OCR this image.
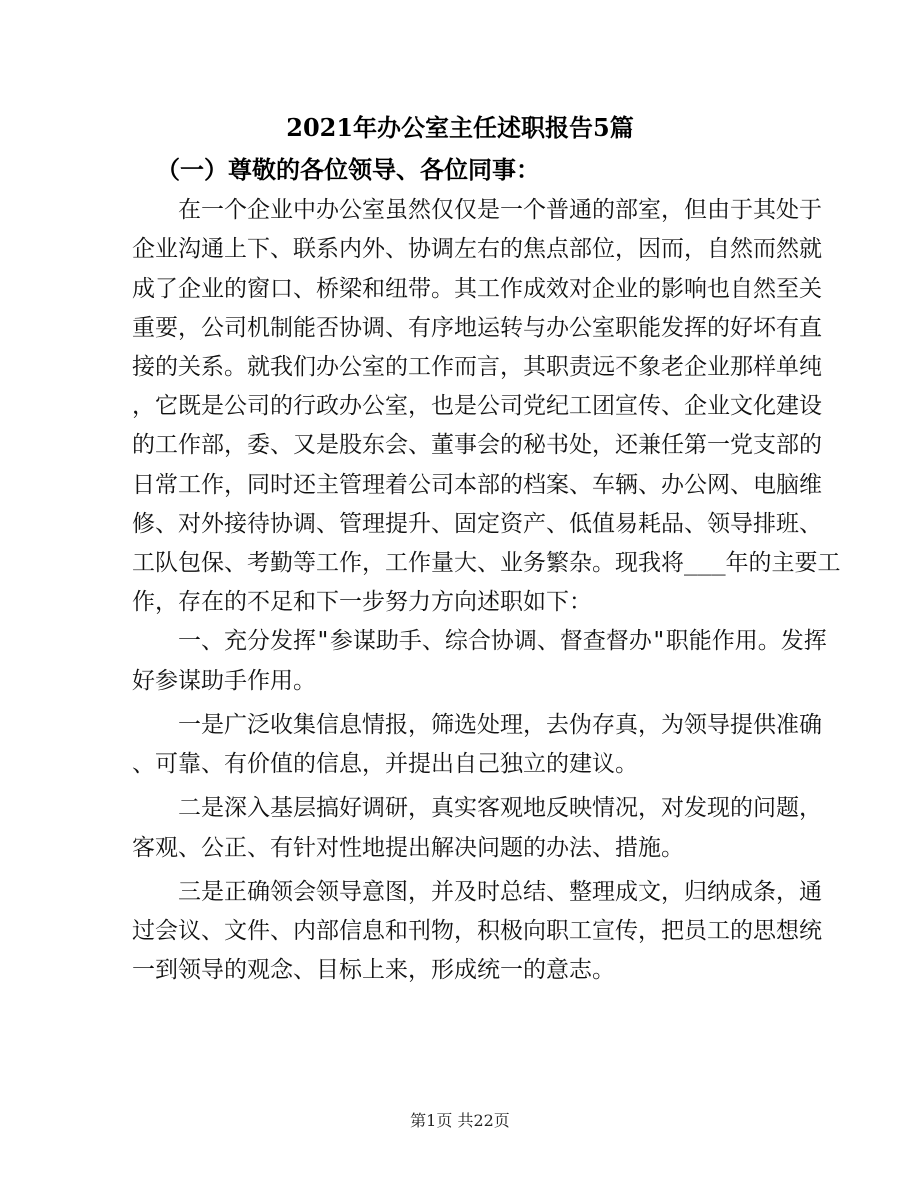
2021年办公室主任述职报告5篇
（一）尊敬的各位领导、各位同事：
在一个企业中办公室虽然仅仅是一个普通的部室，但由于其处于
企业沟通上下、联系内外、协调左右的焦点部位，因而，自然而然就
成了企业的窗口、桥梁和纽带。其工作成效对企业的影响也自然至关
重要，公司机制能否协调、有序地运转与办公室职能发挥的好坏有直
接的关系。就我们办公室的工作而言，其职责远不象老企业那样单纯
，它既是公司的行政办公室，也是公司党纪工团宣传、企业文化建设
的工作部，委、又是股东会、董事会的秘书处，还兼任第一党支部的
日常工作，同时还主管理着公司本部的档案、车辆、办公网、电脑维
修、对外接待协调、管理提升、固定资产、低值易耗品、领导排班、
工队包保、考勤等工作，工作量大、业务繁杂。现我将___年的主要工
作，存在的不足和下一步努力方向述职如下：
一、充分发挥"参谋助手、综合协调、督查督办"职能作用。发挥
好参谋助手作用。
一是广泛收集信息情报，筛选处理，去伪存真，为领导提供准确
、可靠、有价值的信息，并提出自己独立的建议。
二是深入基层搞好调研，真实客观地反映情况，对发现的问题，
客观、公正、有针对性地提出解决问题的办法、措施。
三是正确领会领导意图，并及时总结、整理成文，归纳成条，通
过会议、文件、内部信息和刊物，积极向职工宣传，把员工的思想统
一到领导的观念、目标上来，形成统一的意志。
第1页 共22页
